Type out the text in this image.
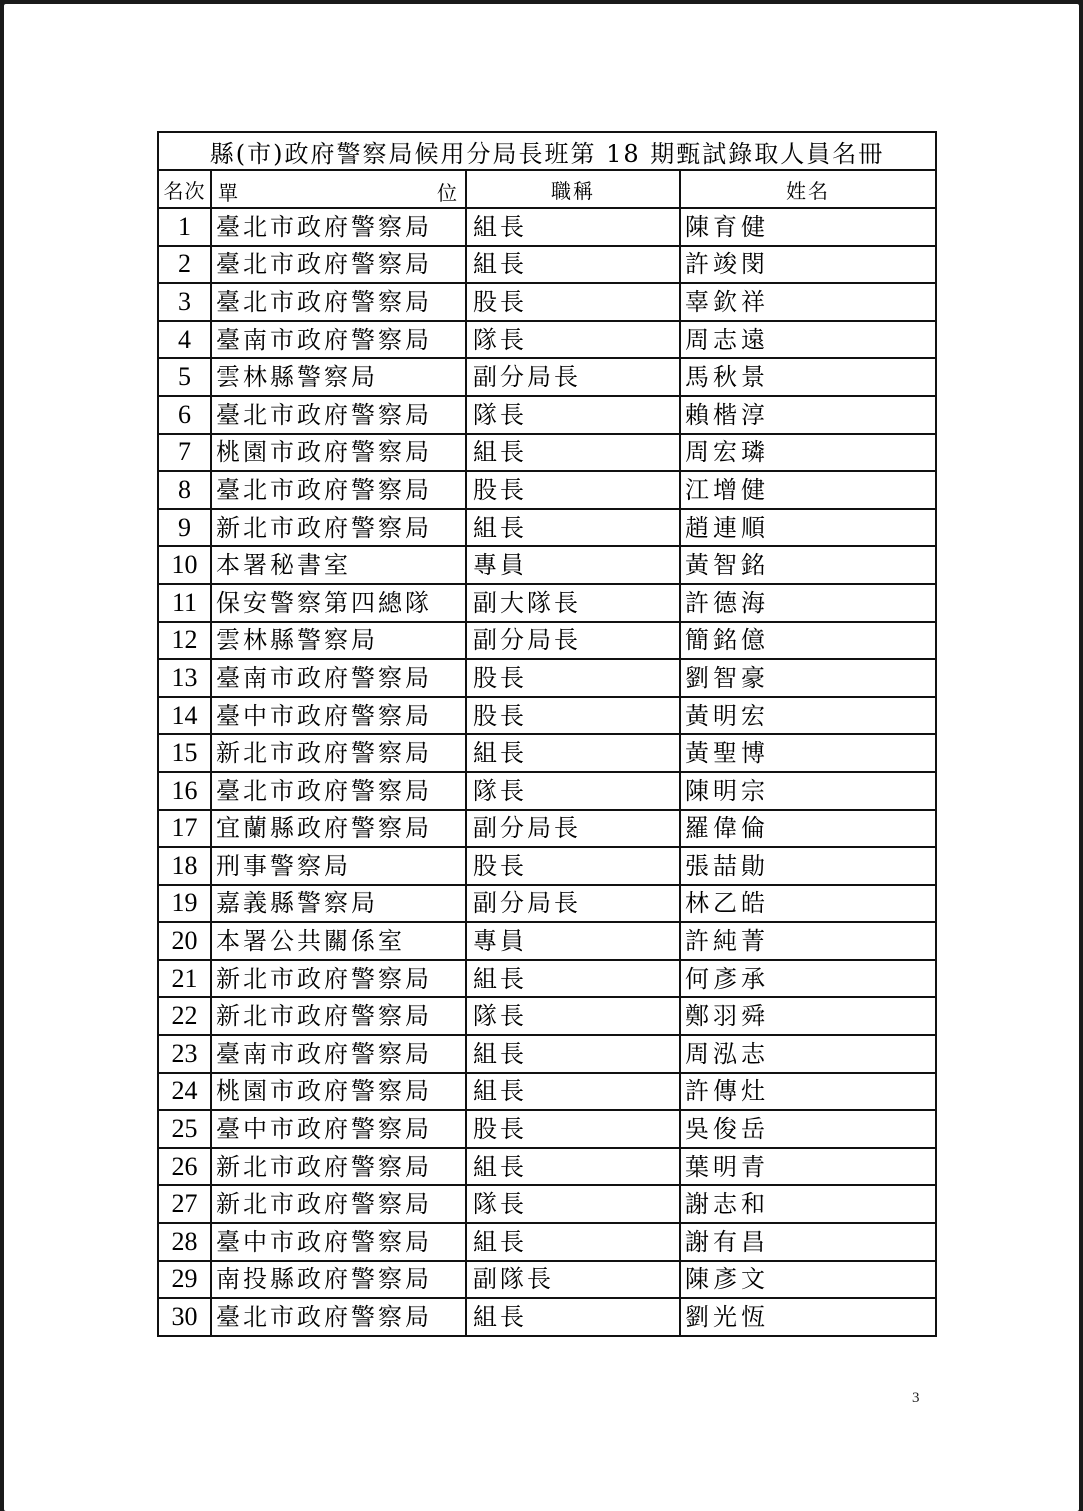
縣(市)政府警察局候用分局長班第 18 期甄試錄取人員名冊			
名次	單 位	職稱	姓名
1	臺北市政府警察局	組長	陳育健
2	臺北市政府警察局	組長	許竣閔
3	臺北市政府警察局	股長	辜欽祥
4	臺南市政府警察局	隊長	周志遠
5	雲林縣警察局	副分局長	馬秋景
6	臺北市政府警察局	隊長	賴楷淳
7	桃園市政府警察局	組長	周宏璘
8	臺北市政府警察局	股長	江增健
9	新北市政府警察局	組長	趙連順
10	本署秘書室	專員	黃智銘
11	保安警察第四總隊	副大隊長	許德海
12	雲林縣警察局	副分局長	簡銘億
13	臺南市政府警察局	股長	劉智豪
14	臺中市政府警察局	股長	黃明宏
15	新北市政府警察局	組長	黃聖博
16	臺北市政府警察局	隊長	陳明宗
17	宜蘭縣政府警察局	副分局長	羅偉倫
18	刑事警察局	股長	張喆勛
19	嘉義縣警察局	副分局長	林乙皓
20	本署公共關係室	專員	許純菁
21	新北市政府警察局	組長	何彥承
22	新北市政府警察局	隊長	鄭羽舜
23	臺南市政府警察局	組長	周泓志
24	桃園市政府警察局	組長	許傳灶
25	臺中市政府警察局	股長	吳俊岳
26	新北市政府警察局	組長	葉明青
27	新北市政府警察局	隊長	謝志和
28	臺中市政府警察局	組長	謝有昌
29	南投縣政府警察局	副隊長	陳彥文
30	臺北市政府警察局	組長	劉光恆
3
